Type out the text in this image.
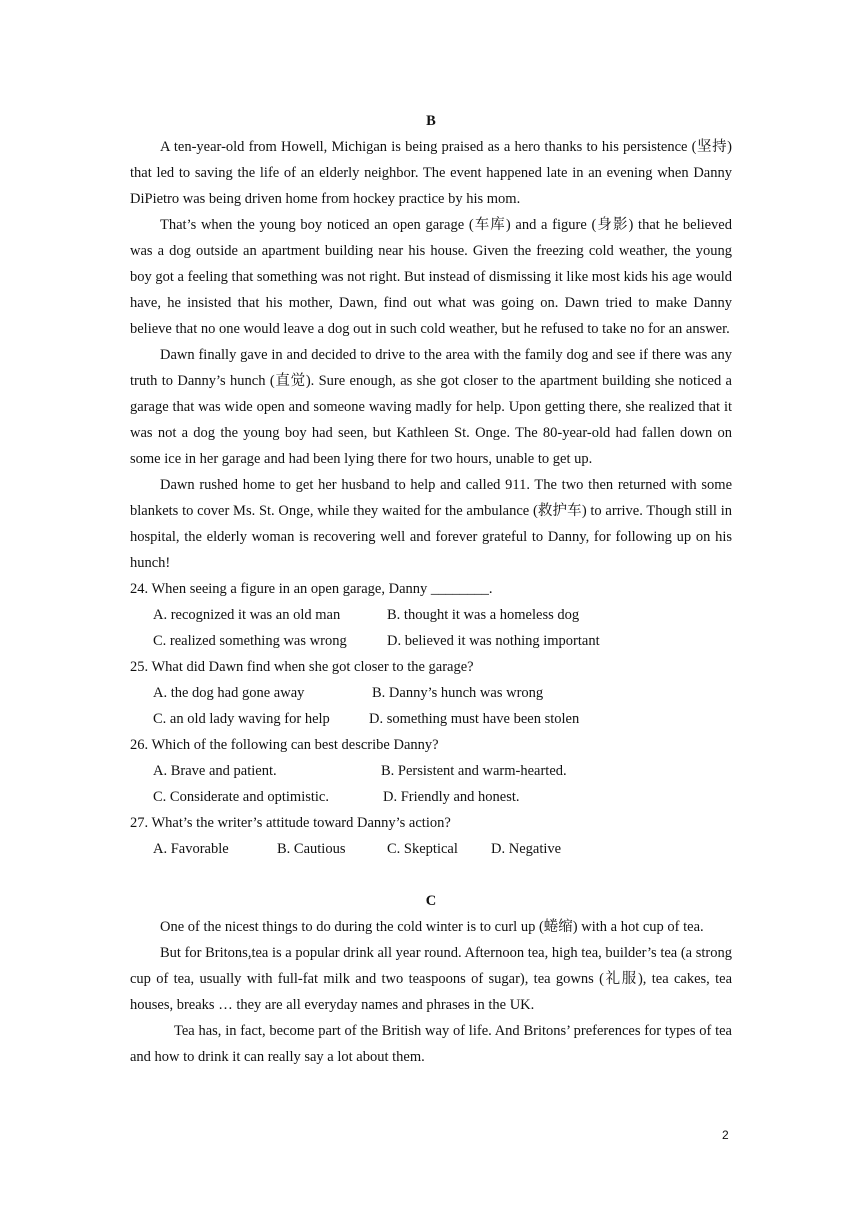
B

A ten-year-old from Howell, Michigan is being praised as a hero thanks to his persistence (坚持) that led to saving the life of an elderly neighbor. The event happened late in an evening when Danny DiPietro was being driven home from hockey practice by his mom.

That’s when the young boy noticed an open garage (车库) and a figure (身影) that he believed was a dog outside an apartment building near his house. Given the freezing cold weather, the young boy got a feeling that something was not right. But instead of dismissing it like most kids his age would have, he insisted that his mother, Dawn, find out what was going on. Dawn tried to make Danny believe that no one would leave a dog out in such cold weather, but he refused to take no for an answer.

Dawn finally gave in and decided to drive to the area with the family dog and see if there was any truth to Danny’s hunch (直觉). Sure enough, as she got closer to the apartment building she noticed a garage that was wide open and someone waving madly for help. Upon getting there, she realized that it was not a dog the young boy had seen, but Kathleen St. Onge. The 80-year-old had fallen down on some ice in her garage and had been lying there for two hours, unable to get up.

Dawn rushed home to get her husband to help and called 911. The two then returned with some blankets to cover Ms. St. Onge, while they waited for the ambulance (救护车) to arrive. Though still in hospital, the elderly woman is recovering well and forever grateful to Danny, for following up on his hunch!

24. When seeing a figure in an open garage, Danny ________.

A. recognized it was an old man	B. thought it was a homeless dog

C. realized something was wrong	D. believed it was nothing important

25. What did Dawn find when she got closer to the garage?

A. the dog had gone away	B. Danny’s hunch was wrong

C. an old lady waving for help	D. something must have been stolen

26. Which of the following can best describe Danny?

A. Brave and patient.	B. Persistent and warm-hearted.

C. Considerate and optimistic.	D. Friendly and honest.

27. What’s the writer’s attitude toward Danny’s action?

A. Favorable	B. Cautious	C. Skeptical D. Negative

C

One of the nicest things to do during the cold winter is to curl up (蜷缩) with a hot cup of tea.

But for Britons,tea is a popular drink all year round. Afternoon tea, high tea, builder’s tea (a strong cup of tea, usually with full-fat milk and two teaspoons of sugar), tea gowns (礼服), tea cakes, tea houses, breaks … they are all everyday names and phrases in the UK.

Tea has, in fact, become part of the British way of life. And Britons’ preferences for types of tea and how to drink it can really say a lot about them.

2
